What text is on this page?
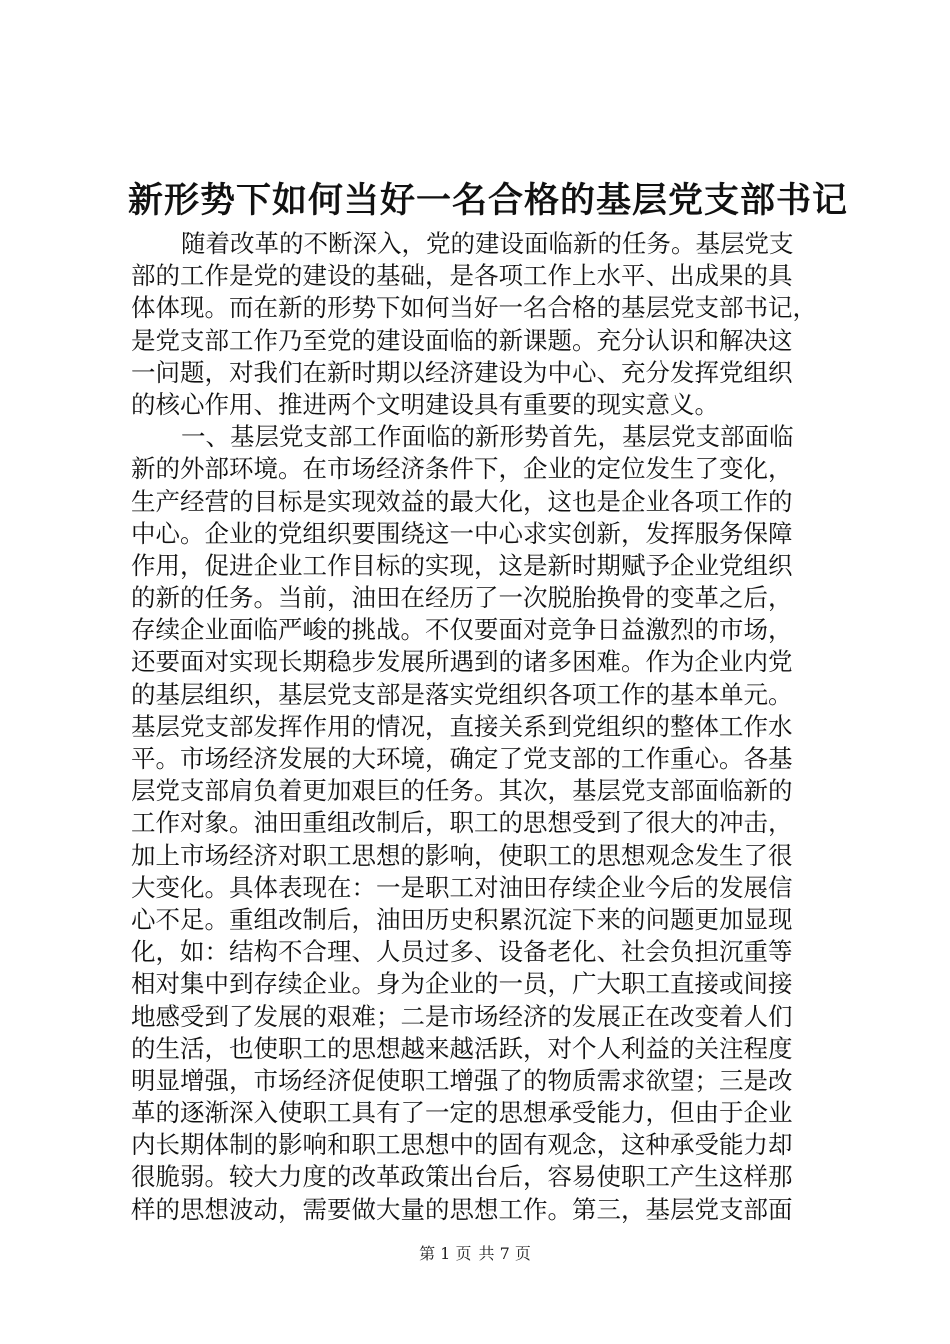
新形势下如何当好一名合格的基层党支部书记
随着改革的不断深入，党的建设面临新的任务。基层党支
部的工作是党的建设的基础，是各项工作上水平、出成果的具
体体现。而在新的形势下如何当好一名合格的基层党支部书记，
是党支部工作乃至党的建设面临的新课题。充分认识和解决这
一问题，对我们在新时期以经济建设为中心、充分发挥党组织
的核心作用、推进两个文明建设具有重要的现实意义。
一、基层党支部工作面临的新形势首先，基层党支部面临
新的外部环境。在市场经济条件下，企业的定位发生了变化，
生产经营的目标是实现效益的最大化，这也是企业各项工作的
中心。企业的党组织要围绕这一中心求实创新，发挥服务保障
作用，促进企业工作目标的实现，这是新时期赋予企业党组织
的新的任务。当前，油田在经历了一次脱胎换骨的变革之后，
存续企业面临严峻的挑战。不仅要面对竞争日益激烈的市场，
还要面对实现长期稳步发展所遇到的诸多困难。作为企业内党
的基层组织，基层党支部是落实党组织各项工作的基本单元。
基层党支部发挥作用的情况，直接关系到党组织的整体工作水
平。市场经济发展的大环境，确定了党支部的工作重心。各基
层党支部肩负着更加艰巨的任务。其次，基层党支部面临新的
工作对象。油田重组改制后，职工的思想受到了很大的冲击，
加上市场经济对职工思想的影响，使职工的思想观念发生了很
大变化。具体表现在：一是职工对油田存续企业今后的发展信
心不足。重组改制后，油田历史积累沉淀下来的问题更加显现
化，如：结构不合理、人员过多、设备老化、社会负担沉重等
相对集中到存续企业。身为企业的一员，广大职工直接或间接
地感受到了发展的艰难；二是市场经济的发展正在改变着人们
的生活，也使职工的思想越来越活跃，对个人利益的关注程度
明显增强，市场经济促使职工增强了的物质需求欲望；三是改
革的逐渐深入使职工具有了一定的思想承受能力，但由于企业
内长期体制的影响和职工思想中的固有观念，这种承受能力却
很脆弱。较大力度的改革政策出台后，容易使职工产生这样那
样的思想波动，需要做大量的思想工作。第三，基层党支部面
第 1 页 共 7 页
